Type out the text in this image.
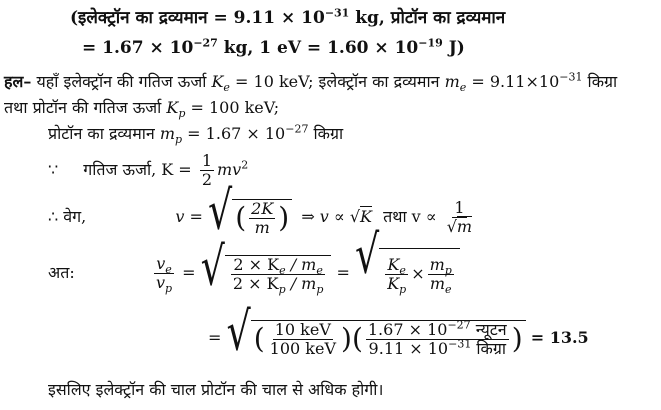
(इलेक्ट्रॉन का द्रव्यमान = $9.11 \times 10^{-31}$ kg, प्रोटॉन का द्रव्यमान
= $1.67 \times 10^{-27}$ kg, 1 eV = $1.60 \times 10^{-19}$ J)
हल– यहाँ इलेक्ट्रॉन की गतिज ऊर्जा $K_e = 10$ keV; इलेक्ट्रॉन का द्रव्यमान $m_e = 9.11\times 10^{-31}$ किग्रा
तथा प्रोटॉन की गतिज ऊर्जा $K_p = 100$ keV;
प्रोटॉन का द्रव्यमान $m_p = 1.67 \times 10^{-27}$ किग्रा
∵ गतिज ऊर्जा, $K = \frac{1}{2} mv^2$
∴ वेग,	v = √ ( $\frac{2K}{m}$ ) ⇒ v ∝ √K तथा $v \propto \frac{1}{√m}$
अत:	$\frac{v_e}{v_p}$ = √ $\frac{2 \times K_e / m_e}{2 \times K_p / m_p}$ = √ $\frac{K_e}{K_p} \times \frac{m_p}{m_e}$
= √ ( $\frac{\text{10 keV}}{\text{100 keV}}$ ) ( $\frac{1.67 \times 10^{-27} न्यूटन}{9.11 \times 10^{-31} किग्रा}$ ) = 13.5
इसलिए इलेक्ट्रॉन की चाल प्रोटॉन की चाल से अधिक होगी।
